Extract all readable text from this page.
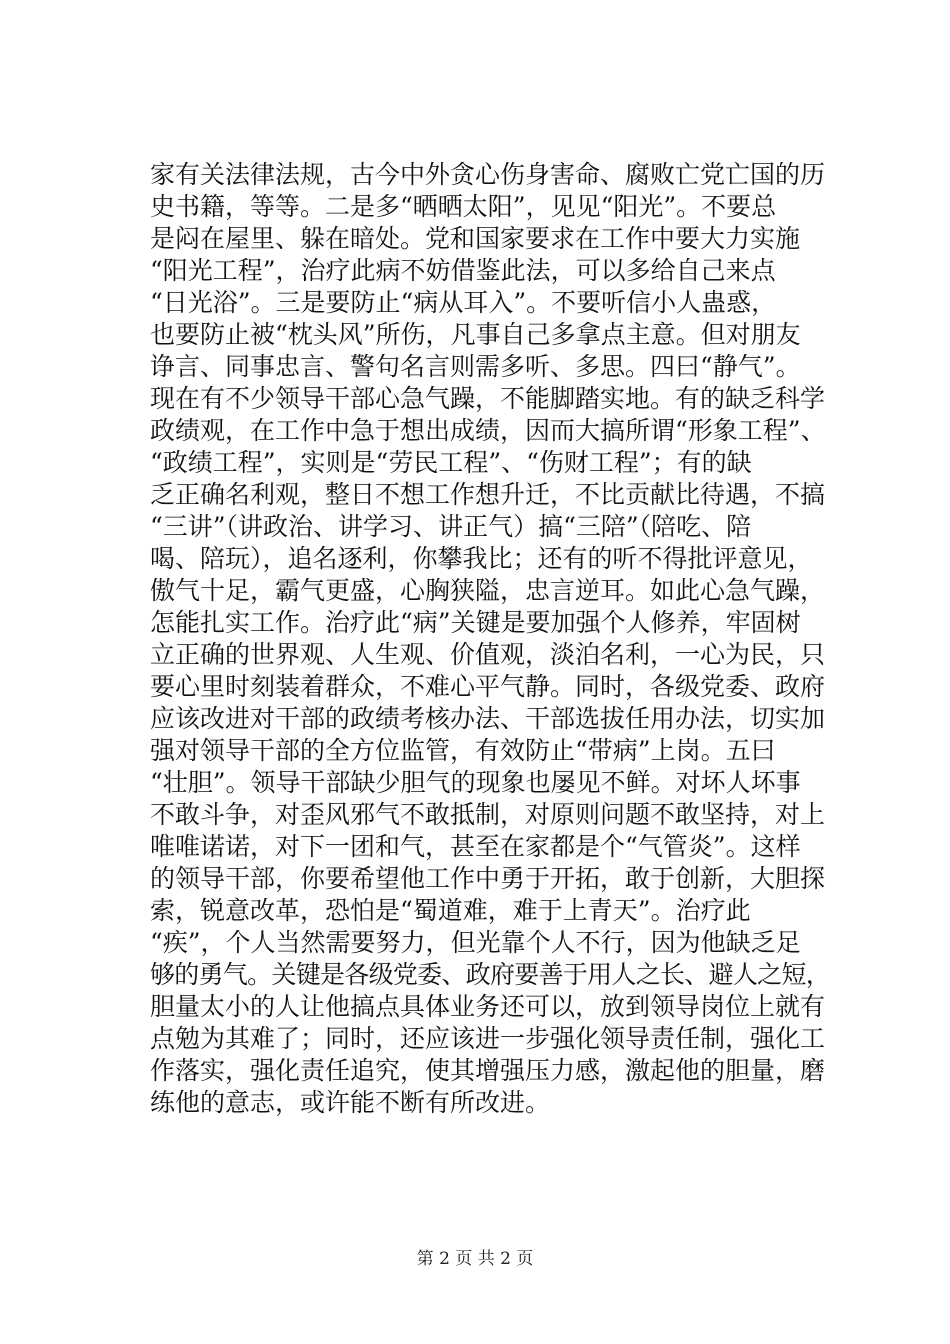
家有关法律法规，古今中外贪心伤身害命、腐败亡党亡国的历
史书籍，等等。二是多“晒晒太阳”，见见“阳光”。不要总
是闷在屋里、躲在暗处。党和国家要求在工作中要大力实施
“阳光工程”，治疗此病不妨借鉴此法，可以多给自己来点
“日光浴”。三是要防止“病从耳入”。不要听信小人蛊惑，
也要防止被“枕头风”所伤，凡事自己多拿点主意。但对朋友
诤言、同事忠言、警句名言则需多听、多思。四曰“静气”。
现在有不少领导干部心急气躁，不能脚踏实地。有的缺乏科学
政绩观，在工作中急于想出成绩，因而大搞所谓“形象工程”、
“政绩工程”，实则是“劳民工程”、“伤财工程”；有的缺
乏正确名利观，整日不想工作想升迁，不比贡献比待遇，不搞
“三讲”（讲政治、讲学习、讲正气）搞“三陪”（陪吃、陪
喝、陪玩），追名逐利，你攀我比；还有的听不得批评意见，
傲气十足，霸气更盛，心胸狭隘，忠言逆耳。如此心急气躁，
怎能扎实工作。治疗此“病”关键是要加强个人修养，牢固树
立正确的世界观、人生观、价值观，淡泊名利，一心为民，只
要心里时刻装着群众，不难心平气静。同时，各级党委、政府
应该改进对干部的政绩考核办法、干部选拔任用办法，切实加
强对领导干部的全方位监管，有效防止“带病”上岗。五曰
“壮胆”。领导干部缺少胆气的现象也屡见不鲜。对坏人坏事
不敢斗争，对歪风邪气不敢抵制，对原则问题不敢坚持，对上
唯唯诺诺，对下一团和气，甚至在家都是个“气管炎”。这样
的领导干部，你要希望他工作中勇于开拓，敢于创新，大胆探
索，锐意改革，恐怕是“蜀道难，难于上青天”。治疗此
“疾”，个人当然需要努力，但光靠个人不行，因为他缺乏足
够的勇气。关键是各级党委、政府要善于用人之长、避人之短，
胆量太小的人让他搞点具体业务还可以，放到领导岗位上就有
点勉为其难了；同时，还应该进一步强化领导责任制，强化工
作落实，强化责任追究，使其增强压力感，激起他的胆量，磨
练他的意志，或许能不断有所改进。
第 2 页 共 2 页
